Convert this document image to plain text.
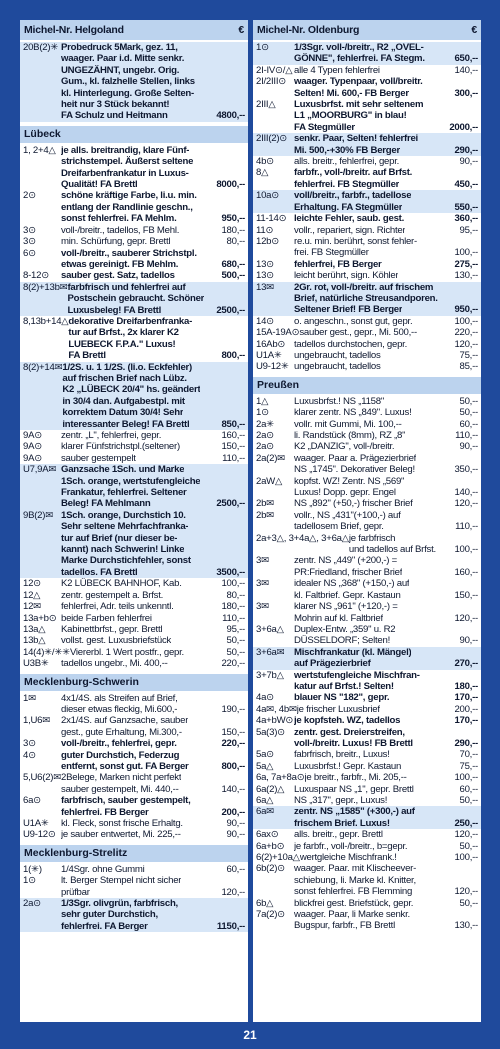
Michel-Nr. Helgoland	€
20B(2)✳ Probedruck 5Mark, gez. 11,
waager. Paar i.d. Mitte senkr.
UNGEZÄHNT, ungebr. Orig.
Gum., kl. falzhelle Stellen, links
kl. Hinterlegung. Große Selten-
heit nur 3 Stück bekannt!
FA Schulz und Heitmann	4800,--
Lübeck
1, 2+4△ je alls. breitrandig, klare Fünf-
strichstempel. Äußerst seltene
Dreifarbenfrankatur in Luxus-
Qualität! FA Brettl	8000,--
2⊙	schöne kräftige Farbe, li.u. min.
entlang der Randlinie geschn.,
sonst fehlerfrei. FA Mehlm.	950,--
3⊙	voll-/breitr., tadellos, FB Mehl.	180,--
3⊙	min. Schürfung, gepr. Brettl	80,--
6⊙	voll-/breitr., sauberer Strichstpl.
etwas gereinigt. FB Mehlm.	680,--
8-12⊙	sauber gest. Satz, tadellos	500,--
8(2)+13b✉ farbfrisch und fehlerfrei auf
Postschein gebraucht. Schöner
Luxusbeleg! FA Brettl	2500,--
8,13b+14△ dekorative Dreifarbenfranka-
tur auf Brfst., 2x klarer K2
LUEBECK F.P.A." Luxus!
FA Brettl	800,--
8(2)+14✉ 1/2S. u. 1 1/2S. (li.o. Eckfehler)
auf frischen Brief nach Lübz.
K2 „LÜBECK 20/4" hs. geändert
in 30/4 dan. Aufgabestpl. mit
korrektem Datum 30/4! Sehr
interessanter Beleg! FA Brettl	850,--
9A⊙	zentr. „L", fehlerfrei, gepr.	160,--
9A⊙	klarer Fünfstrichstpl.(seltener)	150,--
9A⊙	sauber gestempelt	110,--
U7,9A✉ Ganzsache 1Sch. und Marke
1Sch. orange, wertstufengleiche
Frankatur, fehlerfrei. Seltener
Beleg! FA Mehlmann	2500,--
9B(2)✉ 1Sch. orange, Durchstich 10.
Sehr seltene Mehrfachfrankа-
tur auf Brief (nur dieser be-
kannt) nach Schwerin! Linke
Marke Durchstichfehler, sonst
tadellos. FA Brettl	3500,--
12⊙	K2 LÜBECK BAHNHOF, Kab.	100,--
12△	zentr. gestempelt a. Brfst.	80,--
12✉	fehlerfrei, Adr. teils unkenntl.	180,--
13a+b⊙ beide Farben fehlerfrei	110,--
13a△	Kabinettbrfst., gepr. Brettl	95,--
13b△	vollst. gest. Luxusbriefstück	50,--
14(4)✳/✳✳ Viererbl. 1 Wert postfr., gepr.	50,--
U3B✳	tadellos ungebr., Mi. 400,--	220,--
Mecklenburg-Schwerin
1✉	4x1/4S. als Streifen auf Brief,
dieser etwas fleckig, Mi.600,-	190,--
1,U6✉	2x1/4S. auf Ganzsache, sauber
gest., gute Erhaltung, Mi.300,-	150,--
3⊙	voll-/breitr., fehlerfrei, gepr.	220,--
4⊙	guter Durchstich, Federzug
entfernt, sonst gut. FA Berger	800,--
5,U6(2)✉ 2Belege, Marken nicht perfekt
sauber gestempelt, Mi. 440,--	140,--
6a⊙	farbfrisch, sauber gestempelt,
fehlerfrei. FB Berger	200,--
U1A✳	kl. Fleck, sonst frische Erhaltg.	90,--
U9-12⊙ je sauber entwertet, Mi. 225,--	90,--
Mecklenburg-Strelitz
1(✳)	1/4Sgr. ohne Gummi	60,--
1⊙	lt. Berger Stempel nicht sicher
prüfbar	120,--
2a⊙	1/3Sgr. olivgrün, farbfrisch,
sehr guter Durchstich,
fehlerfrei. FA Berger	1150,--
Michel-Nr. Oldenburg	€
1⊙	1/3Sgr. voll-/breitr., R2 „OVEL-
GÖNNE", fehlerfrei. FA Stegm.	650,--
2I-IV⊙/△ alle 4 Typen fehlerfrei	140,--
2I/2III⊙ waager. Typenpaar, voll/breitr.
Selten! Mi. 600,- FB Berger	300,--
2III△	Luxusbrfst. mit sehr seltenem
L1 „MOORBURG" in blau!
FA Stegmüller	2000,--
2III(2)⊙ senkr. Paar, Selten! fehlerfrei
Mi. 500,-+30% FB Berger	290,--
4b⊙	alls. breitr., fehlerfrei, gepr.	90,--
8△	farbfr., voll-/breitr. auf Brfst.
fehlerfrei. FB Stegmüller	450,--
10a⊙	voll/breitr., farbfr., tadellose
Erhaltung. FA Stegmüller	550,--
11-14⊙ leichte Fehler, saub. gest.	360,--
11⊙	vollr., repariert, sign. Richter	95,--
12b⊙	re.u. min. berührt, sonst fehler-
frei. FB Stegmüller	100,--
13⊙	fehlerfrei, FB Berger	275,--
13⊙	leicht berührt, sign. Köhler	130,--
13✉	2Gr. rot, voll-/breitr. auf frischem
Brief, natürliche Streusandporen.
Seltener Brief! FB Berger	950,--
14⊙	o. angeschn., sonst gut, gepr.	100,--
15A-19A⊙ sauber gest., gepr., Mi. 500,--	220,--
16Ab⊙ tadellos durchstochen, gepr.	120,--
U1A✳	ungebraucht, tadellos	75,--
U9-12✳ ungebraucht, tadellos	85,--
Preußen
1△	Luxusbrfst.! NS „1158"	50,--
1⊙	klarer zentr. NS „849". Luxus!	50,--
2a✳	vollr. mit Gummi, Mi. 100,--	60,--
2a⊙	li. Randstück (8mm), RZ „8"	110,--
2a⊙	K2 „DANZIG", voll-/breitr.	90,--
2a(2)✉ waager. Paar a. Prägezierbrief
NS „1745". Dekorativer Beleg!	350,--
2aW△	kopfst. WZ! Zentr. NS „569"
Luxus! Dopp. gepr. Engel	140,--
2b✉	NS „892" (+50,-) frischer Brief	120,--
2b✉	vollr., NS „431"(+100,-) auf
tadellosem Brief, gepr.	110,--
2a+3△, 3+4a△, 3+6a△ je farbfrisch
und tadellos auf Brfst. 100,--
3✉	zentr. NS „449" (+200,-) =
PR:Friedland, frischer Brief	160,--
3✉	idealer NS „368" (+150,-) auf
kl. Faltbrief. Gepr. Kastaun	150,--
3✉	klarer NS „961" (+120,-) =
Mohrin auf kl. Faltbrief	120,--
3+6a△	Duplex-Entw. „359" u. R2
DÜSSELDORF; Selten!	90,--
3+6a✉ Mischfrankatur (kl. Mängel)
auf Prägezierbrief	270,--
3+7b△	wertstufengleiche Mischfran-
katur auf Brfst.! Selten!	180,--
4a⊙	blauer NS "182", gepr.	170,--
4a✉, 4b✉ je frischer Luxusbrief	200,--
4a+bW⊙ je kopfsteh. WZ, tadellos	170,--
5a(3)⊙ zentr. gest. Dreierstreifen,
voll-/breitr. Luxus! FB Brettl	290,--
5a⊙	fabrfrisch, breitr., Luxus!	70,--
5a△	Luxusbrfst.! Gepr. Kastaun	75,--
6a, 7a+8a⊙ je breitr., farbfr., Mi. 205,--	100,--
6a(2)△	Luxuspaar NS „1", gepr. Brettl	60,--
6a△	NS „317", gepr., Luxus!	50,--
6a✉	zentr. NS „1585" (+300,-) auf
frischem Brief. Luxus!	250,--
6ax⊙	alls. breitr., gepr. Brettl	120,--
6a+b⊙ je farbfr., voll-/breitr., b=gepr.	50,--
6(2)+10a△ wertgleiche Mischfrank.!	100,--
6b(2)⊙ waager. Paar. mit Klischeever-
schiebung, li. Marke kl. Knitter,
sonst fehlerfrei. FB Flemming	120,--
6b△	blickfrei gest. Briefstück, gepr.	50,--
7a(2)⊙ waager. Paar, li Marke senkr.
Bugspur, farbfr., FB Brettl	130,--
21
